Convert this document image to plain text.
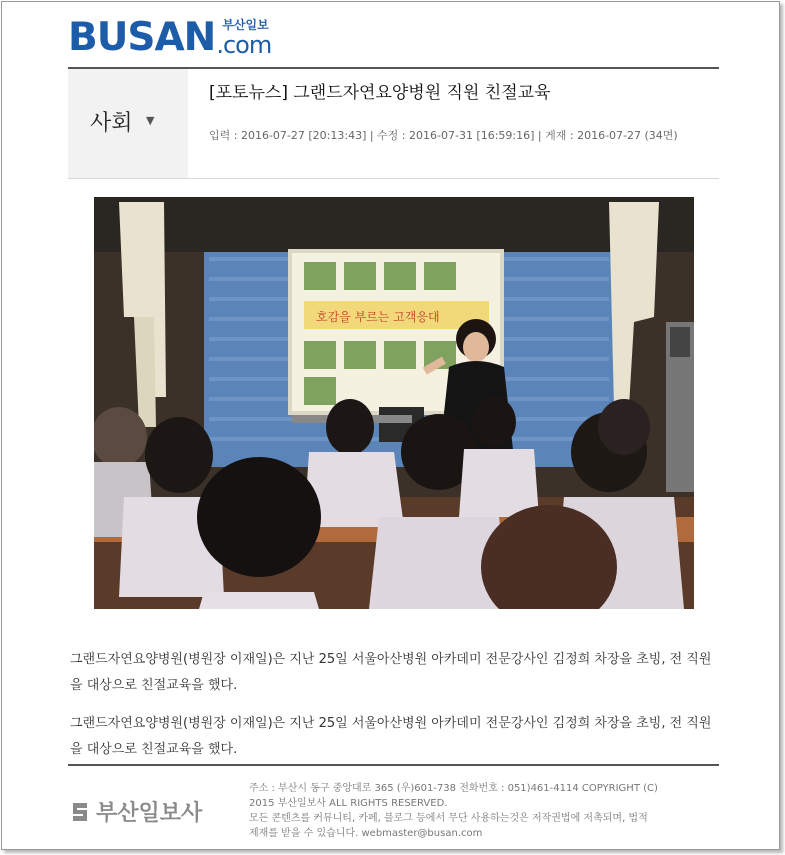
BUSAN 부산일보
.com
사회 ▼
[포토뉴스] 그랜드자연요양병원 직원 친절교육
입력 : 2016-07-27 [20:13:43] | 수정 : 2016-07-31 [16:59:16] | 게재 : 2016-07-27 (34면)
호감을 부르는 고객응대
그랜드자연요양병원(병원장 이재일)은 지난 25일 서울아산병원 아카데미 전문강사인 김정희 차장을 초빙, 전 직원을 대상으로 친절교육을 했다.
그랜드자연요양병원(병원장 이재일)은 지난 25일 서울아산병원 아카데미 전문강사인 김정희 차장을 초빙, 전 직원을 대상으로 친절교육을 했다.
부산일보사
주소 : 부산시 동구 중앙대로 365 (우)601-738 전화번호 : 051)461-4114 COPYRIGHT (C)
2015 부산일보사 ALL RIGHTS RESERVED.
모든 콘텐츠를 커뮤니티, 카페, 블로그 등에서 무단 사용하는것은 저작권법에 저촉되며, 법적
제재를 받을 수 있습니다. webmaster@busan.com
